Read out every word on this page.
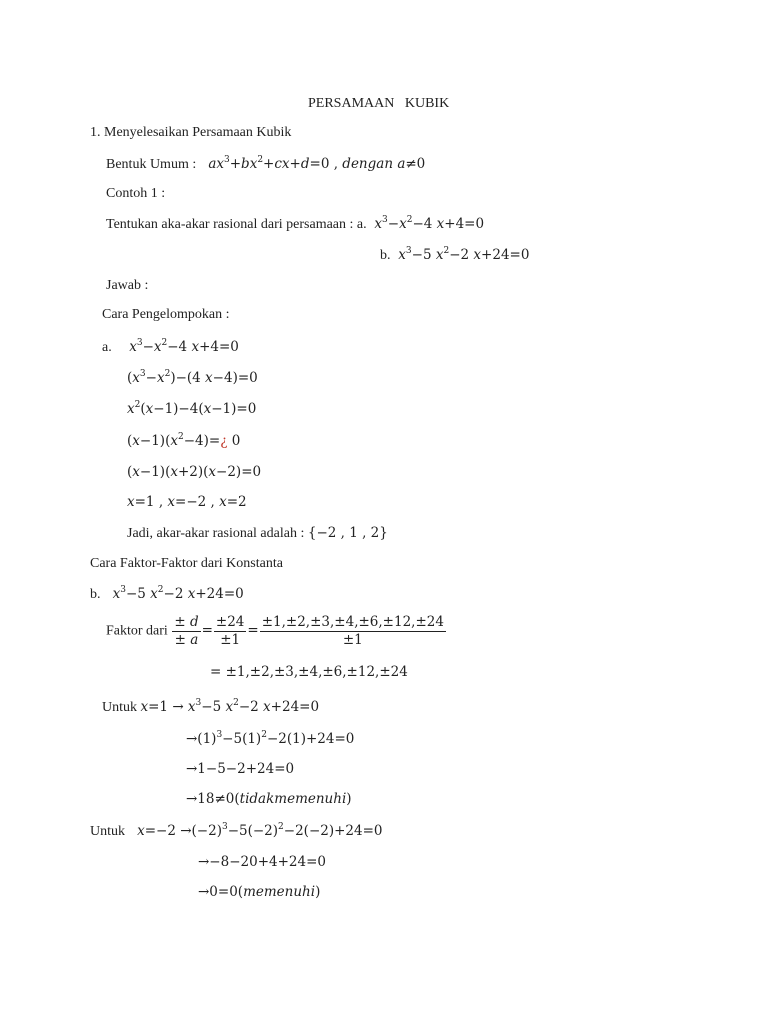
PERSAMAAN   KUBIK
1. Menyelesaikan Persamaan Kubik
Bentuk Umum : $ax^3+bx^2+cx+d=0$ , dengan a≠0
Contoh 1 :
Tentukan aka-akar rasional dari persamaan : a. $x^3-x^2-4$ x+4=0
b. $x^3-5$ $x^2-2$ x+24=0
Jawab :
Cara Pengelompokan :
a. $x^3-x^2-4$ x+4=0
$(x^3-x^2)-(4$ x−4)=0
$x^2(x-1)-4(x-1)=0$
$(x-1)(x^2-4)=¿$ 0
(x−1)(x+2)(x−2)=0
x=1 , x=−2 , x=2
Jadi, akar-akar rasional adalah : {−2 , 1 , 2}
Cara Faktor-Faktor dari Konstanta
b. $x^3-5$ $x^2-2$ x+24=0
Faktor dari $\frac{\pm d}{\pm a} = \frac{\pm 24}{\pm 1} = \frac{\pm 1,\pm 2,\pm 3,\pm 4,\pm 6,\pm 12,\pm 24}{\pm 1}$
= ±1,±2,±3,±4,±6,±12,±24
Untuk $x=1 \to x^3-5$ $x^2-2$ x+24=0
$\to(1)^3-5(1)^2-2(1)+24=0$
→1−5−2+24=0
→18≠0(tidakmemenuhi)
Untuk $x=-2 \to(-2)^3-5(-2)^2-2(-2)+24=0$
→−8−20+4+24=0
→0=0(memenuhi)
